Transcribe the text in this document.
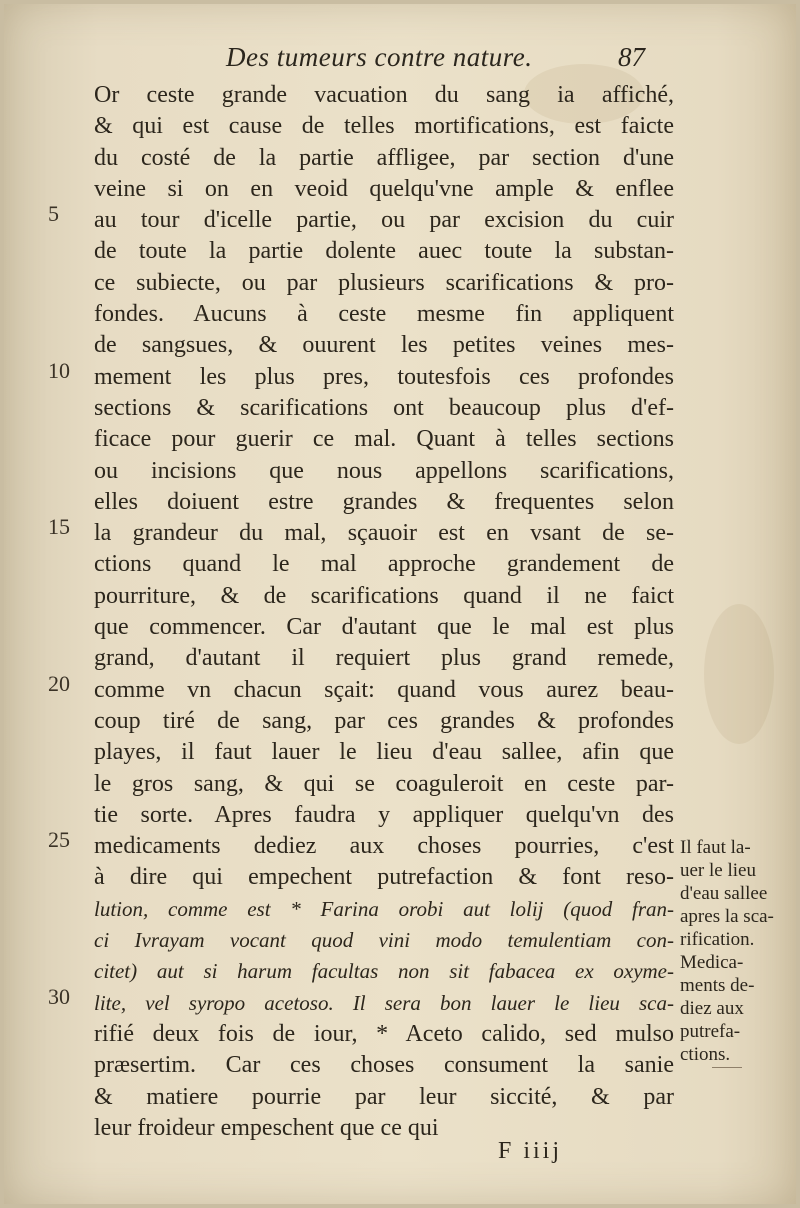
Des tumeurs contre nature.	87
Or ceste grande vacuation du sang ia affiché,
& qui est cause de telles mortifications, est faicte
du costé de la partie affligee, par section d'une
veine si on en veoid quelqu'vne ample & enflee
au tour d'icelle partie, ou par excision du cuir
de toute la partie dolente auec toute la substan-
ce subiecte, ou par plusieurs scarifications & pro-
fondes. Aucuns à ceste mesme fin appliquent
de sangsues, & ouurent les petites veines mes-
mement les plus pres, toutesfois ces profondes
sections & scarifications ont beaucoup plus d'ef-
ficace pour guerir ce mal. Quant à telles sections
ou incisions que nous appellons scarifications,
elles doiuent estre grandes & frequentes selon
la grandeur du mal, sçauoir est en vsant de se-
ctions quand le mal approche grandement de
pourriture, & de scarifications quand il ne faict
que commencer. Car d'autant que le mal est plus
grand, d'autant il requiert plus grand remede,
comme vn chacun sçait: quand vous aurez beau-
coup tiré de sang, par ces grandes & profondes
playes, il faut lauer le lieu d'eau sallee, afin que
le gros sang, & qui se coaguleroit en ceste par-
tie sorte. Apres faudra y appliquer quelqu'vn des
medicaments dediez aux choses pourries, c'est
à dire qui empechent putrefaction & font reso-
lution, comme est * Farina orobi aut lolij (quod fran-
ci Ivrayam vocant quod vini modo temulentiam con-
citet) aut si harum facultas non sit fabacea ex oxyme-
lite, vel syropo acetoso. Il sera bon lauer le lieu sca-
rifié deux fois de iour, * Aceto calido, sed mulso
præsertim. Car ces choses consument la sanie
& matiere pourrie par leur siccité, & par
leur froideur empeschent que ce qui
5
10
15
20
25
30
Il faut la-
uer le lieu
d'eau sallee
apres la sca-
rification.
Medica-
ments de-
diez aux
putrefa-
ctions.
F iiij
